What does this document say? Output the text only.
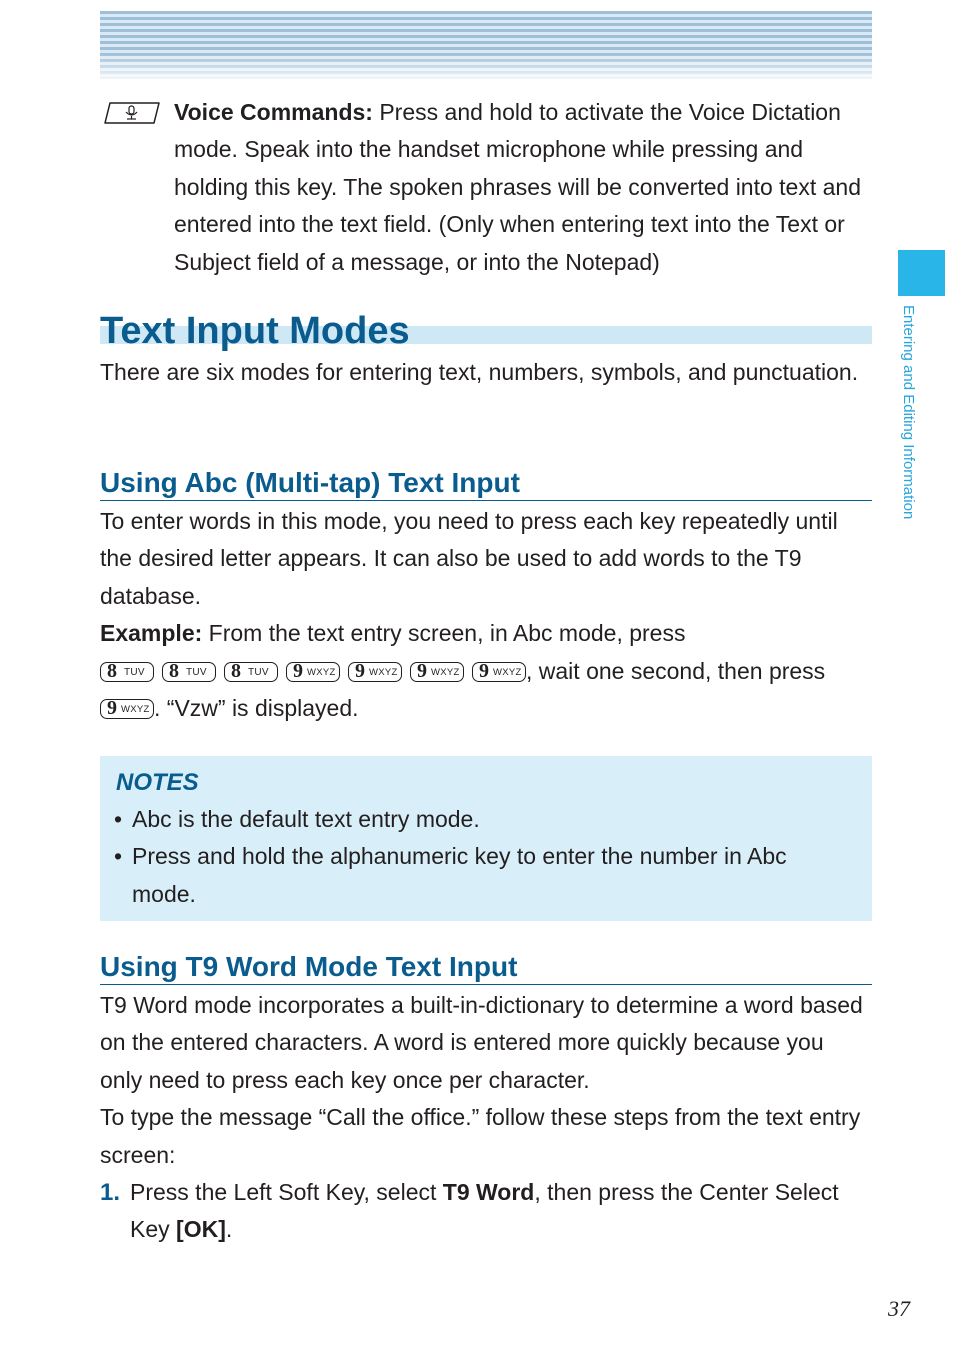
Voice Commands: Press and hold to activate the Voice Dictation mode. Speak into the handset microphone while pressing and holding this key. The spoken phrases will be converted into text and entered into the text field. (Only when entering text into the Text or Subject field of a message, or into the Notepad)
Text Input Modes
There are six modes for entering text, numbers, symbols, and punctuation.
Using Abc (Multi-tap) Text Input
To enter words in this mode, you need to press each key repeatedly until the desired letter appears. It can also be used to add words to the T9 database.
Example: From the text entry screen, in Abc mode, press
8 TUV 8 TUV 8 TUV 9 WXYZ 9 WXYZ 9 WXYZ 9 WXYZ , wait one second, then press
9 WXYZ . “Vzw” is displayed.
NOTES
• Abc is the default text entry mode.
• Press and hold the alphanumeric key to enter the number in Abc mode.
Using T9 Word Mode Text Input
T9 Word mode incorporates a built-in-dictionary to determine a word based on the entered characters. A word is entered more quickly because you only need to press each key once per character.
To type the message “Call the office.” follow these steps from the text entry screen:
1. Press the Left Soft Key, select T9 Word, then press the Center Select Key [OK].
Entering and Editing Information
37
